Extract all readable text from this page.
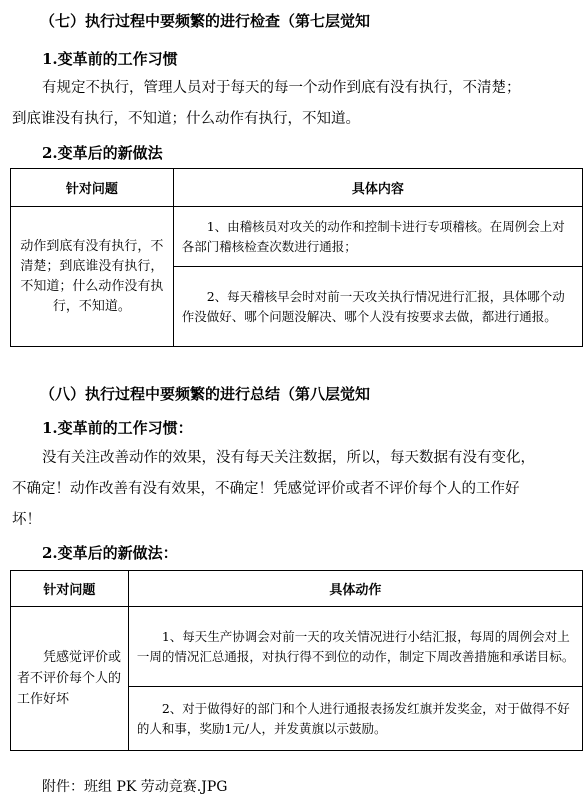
（七）执行过程中要频繁的进行检查（第七层觉知
1.变革前的工作习惯
有规定不执行，管理人员对于每天的每一个动作到底有没有执行，不清楚；
到底谁没有执行，不知道；什么动作有执行，不知道。
2.变革后的新做法
针对问题	具体内容
动作到底有没有执行，不清楚；到底谁没有执行，不知道；什么动作没有执行，不知道。	1、由稽核员对攻关的动作和控制卡进行专项稽核。在周例会上对各部门稽核检查次数进行通报；
	2、每天稽核早会时对前一天攻关执行情况进行汇报，具体哪个动作没做好、哪个问题没解决、哪个人没有按要求去做，都进行通报。
（八）执行过程中要频繁的进行总结（第八层觉知
1.变革前的工作习惯：
没有关注改善动作的效果，没有每天关注数据，所以，每天数据有没有变化，
不确定！动作改善有没有效果，不确定！凭感觉评价或者不评价每个人的工作好
坏！
2.变革后的新做法：
针对问题	具体动作
凭感觉评价或者不评价每个人的工作好坏	1、每天生产协调会对前一天的攻关情况进行小结汇报，每周的周例会对上一周的情况汇总通报，对执行得不到位的动作，制定下周改善措施和承诺目标。
	2、对于做得好的部门和个人进行通报表扬发红旗并发奖金，对于做得不好的人和事，奖励1元/人，并发黄旗以示鼓励。
附件：班组 PK 劳动竞赛.JPG
